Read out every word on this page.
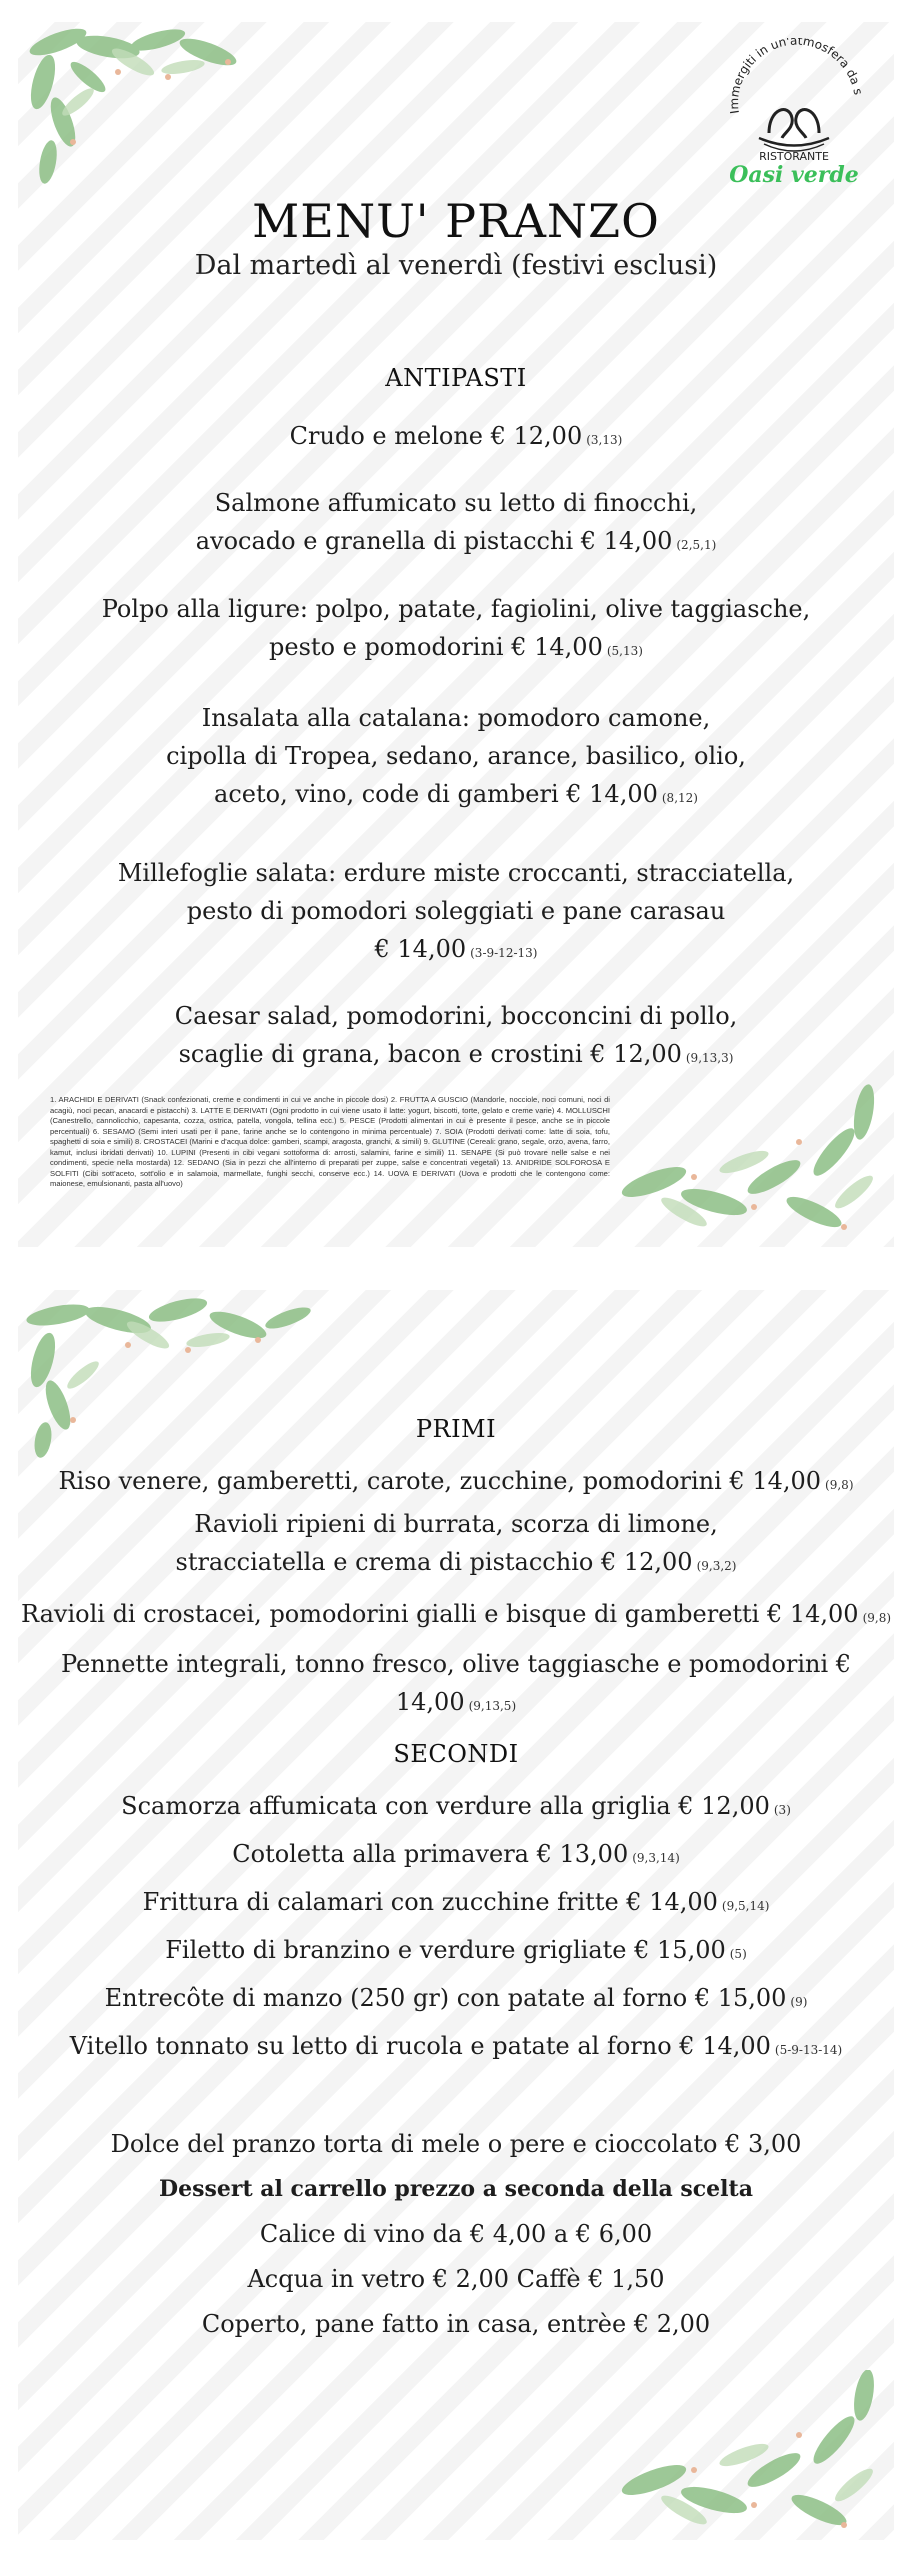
Immergiti in un'atmosfera da s
RISTORANTE
Oasi verde
MENU' PRANZO
Dal martedì al venerdì (festivi esclusi)
ANTIPASTI
Crudo e melone € 12,00 (3,13)
Salmone affumicato su letto di finocchi,
avocado e granella di pistacchi € 14,00 (2,5,1)
Polpo alla ligure: polpo, patate, fagiolini, olive taggiasche,
pesto e pomodorini € 14,00 (5,13)
Insalata alla catalana: pomodoro camone,
cipolla di Tropea, sedano, arance, basilico, olio,
aceto, vino, code di gamberi € 14,00 (8,12)
Millefoglie salata: erdure miste croccanti, stracciatella,
pesto di pomodori soleggiati e pane carasau
€ 14,00 (3-9-12-13)
Caesar salad, pomodorini, bocconcini di pollo,
scaglie di grana, bacon e crostini € 12,00 (9,13,3)
1. ARACHIDI E DERIVATI (Snack confezionati, creme e condimenti in cui ve anche in piccole dosi) 2. FRUTTA A GUSCIO (Mandorle, nocciole, noci comuni, noci di acagiù, noci pecan, anacardi e pistacchi) 3. LATTE E DERIVATI (Ogni prodotto in cui viene usato il latte: yogurt, biscotti, torte, gelato e creme varie) 4. MOLLUSCHI (Canestrello, cannolicchio, capesanta, cozza, ostrica, patella, vongola, tellina ecc.) 5. PESCE (Prodotti alimentari in cui è presente il pesce, anche se in piccole percentuali) 6. SESAMO (Semi interi usati per il pane, farine anche se lo contengono in minima percentuale) 7. SOIA (Prodotti derivati come: latte di soia, tofu, spaghetti di soia e simili) 8. CROSTACEI (Marini e d'acqua dolce: gamberi, scampi, aragosta, granchi, & simili) 9. GLUTINE (Cereali: grano, segale, orzo, avena, farro, kamut, inclusi ibridati derivati) 10. LUPINI (Presenti in cibi vegani sottoforma di: arrosti, salamini, farine e simili) 11. SENAPE (Si può trovare nelle salse e nei condimenti, specie nella mostarda) 12. SEDANO (Sia in pezzi che all'interno di preparati per zuppe, salse e concentrati vegetali) 13. ANIDRIDE SOLFOROSA E SOLFITI (Cibi sott'aceto, sott'olio e in salamoia, marmellate, funghi secchi, conserve ecc.) 14. UOVA E DERIVATI (Uova e prodotti che le contengono come: maionese, emulsionanti, pasta all'uovo)
PRIMI
Riso venere, gamberetti, carote, zucchine, pomodorini € 14,00 (9,8)
Ravioli ripieni di burrata, scorza di limone,
stracciatella e crema di pistacchio € 12,00 (9,3,2)
Ravioli di crostacei, pomodorini gialli e bisque di gamberetti € 14,00 (9,8)
Pennette integrali, tonno fresco, olive taggiasche e pomodorini € 14,00 (9,13,5)
SECONDI
Scamorza affumicata con verdure alla griglia € 12,00 (3)
Cotoletta alla primavera € 13,00 (9,3,14)
Frittura di calamari con zucchine fritte € 14,00 (9,5,14)
Filetto di branzino e verdure grigliate € 15,00 (5)
Entrecôte di manzo (250 gr) con patate al forno € 15,00 (9)
Vitello tonnato su letto di rucola e patate al forno € 14,00 (5-9-13-14)
Dolce del pranzo torta di mele o pere e cioccolato € 3,00
Dessert al carrello prezzo a seconda della scelta
Calice di vino da € 4,00 a € 6,00
Acqua in vetro € 2,00 Caffè € 1,50
Coperto, pane fatto in casa, entrèe € 2,00
